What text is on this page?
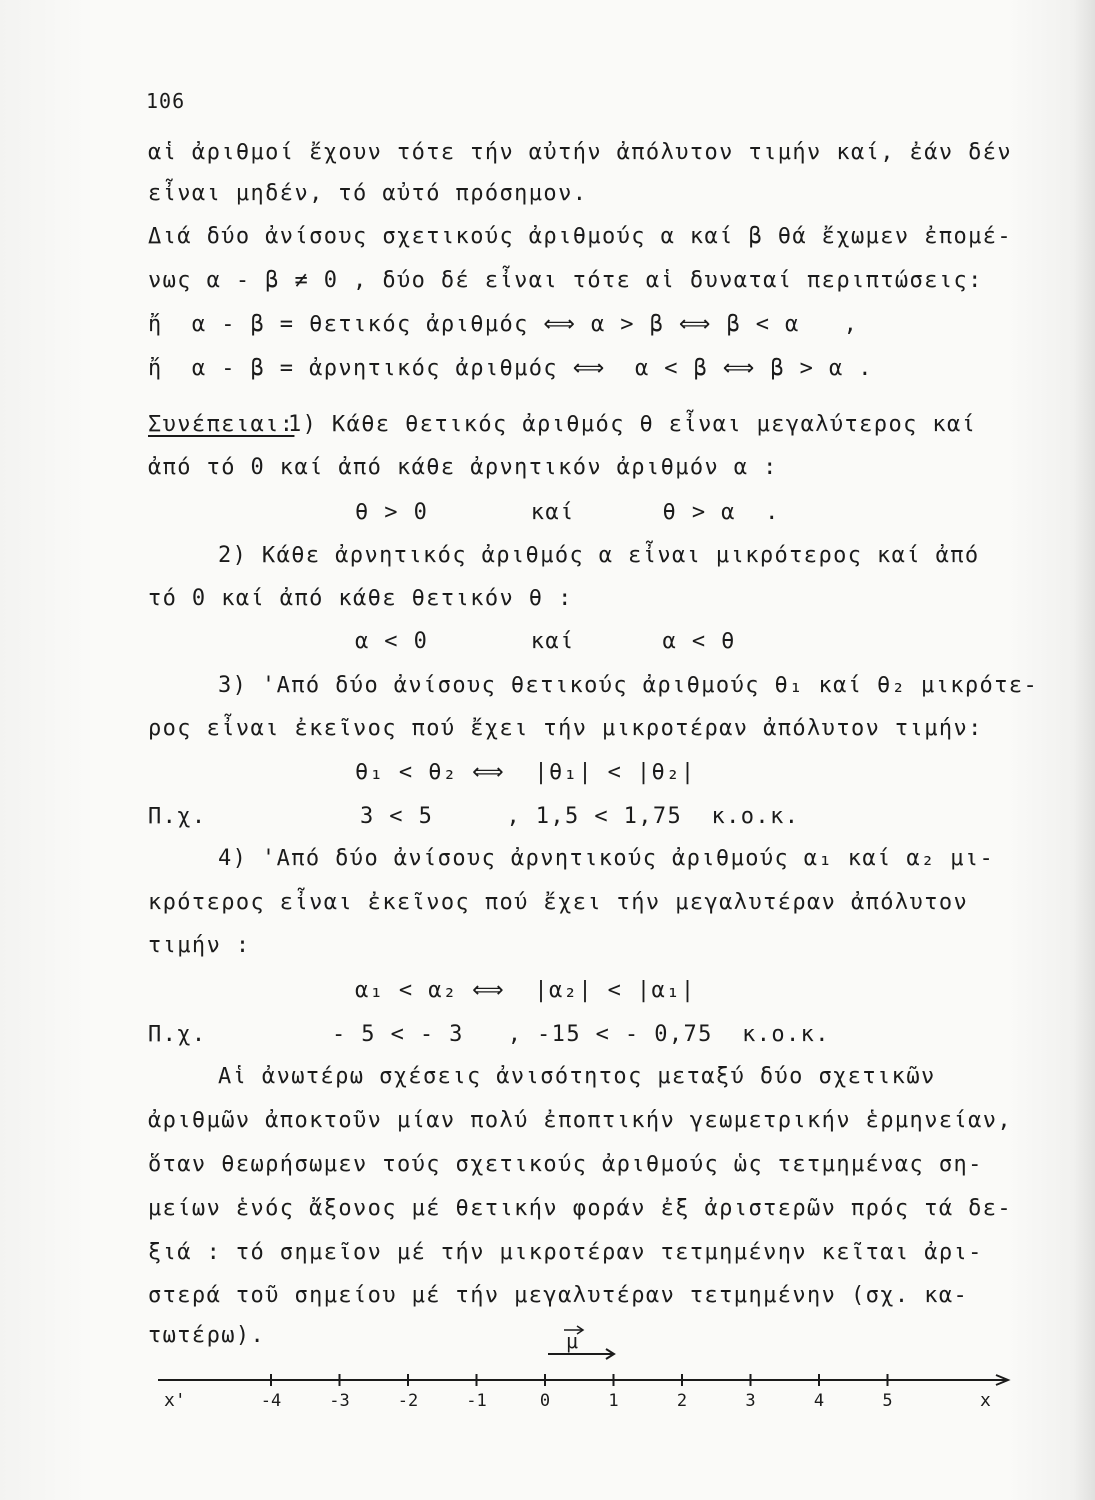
106
αἱ ἀριθμοί ἔχουν τότε τήν αὐτήν ἀπόλυτον τιμήν καί, ἐάν δέν
εἶναι μηδέν, τό αὐτό πρόσημον.
Διά δύο ἀνίσους σχετικούς ἀριθμούς α καί β θά ἔχωμεν ἐπομέ-
νως α - β ≠ 0 , δύο δέ εἶναι τότε αἱ δυναταί περιπτώσεις:
ἤ  α - β = θετικός ἀριθμός ⟺ α > β ⟺ β < α   ,
ἤ  α - β = ἀρνητικός ἀριθμός ⟺  α < β ⟺ β > α .
Συνέπειαι:
1) Κάθε θετικός ἀριθμός θ εἶναι μεγαλύτερος καί
ἀπό τό 0 καί ἀπό κάθε ἀρνητικόν ἀριθμόν α :
θ > 0       καί      θ > α  .
2) Κάθε ἀρνητικός ἀριθμός α εἶναι μικρότερος καί ἀπό
τό 0 καί ἀπό κάθε θετικόν θ :
α < 0       καί      α < θ
3) 'Από δύο ἀνίσους θετικούς ἀριθμούς θ₁ καί θ₂ μικρότε-
ρος εἶναι ἐκεῖνος πού ἔχει τήν μικροτέραν ἀπόλυτον τιμήν:
θ₁ < θ₂ ⟺  |θ₁| < |θ₂|
Π.χ.	3 < 5     , 1,5 < 1,75  κ.ο.κ.
4) 'Από δύο ἀνίσους ἀρνητικούς ἀριθμούς α₁ καί α₂ μι-
κρότερος εἶναι ἐκεῖνος πού ἔχει τήν μεγαλυτέραν ἀπόλυτον
τιμήν :
α₁ < α₂ ⟺  |α₂| < |α₁|
Π.χ.	- 5 < - 3   , -15 < - 0,75  κ.ο.κ.
Αἱ ἀνωτέρω σχέσεις ἀνισότητος μεταξύ δύο σχετικῶν
ἀριθμῶν ἀποκτοῦν μίαν πολύ ἐποπτικήν γεωμετρικήν ἑρμηνείαν,
ὅταν θεωρήσωμεν τούς σχετικούς ἀριθμούς ὡς τετμημένας ση-
μείων ἑνός ἄξονος μέ θετικήν φοράν ἐξ ἀριστερῶν πρός τά δε-
ξιά : τό σημεῖον μέ τήν μικροτέραν τετμημένην κεῖται ἀρι-
στερά τοῦ σημείου μέ τήν μεγαλυτέραν τετμημένην (σχ. κα-
τωτέρω).	μ
x'	x
-4	-3	-2	-1	0	1	2	3	4	5
